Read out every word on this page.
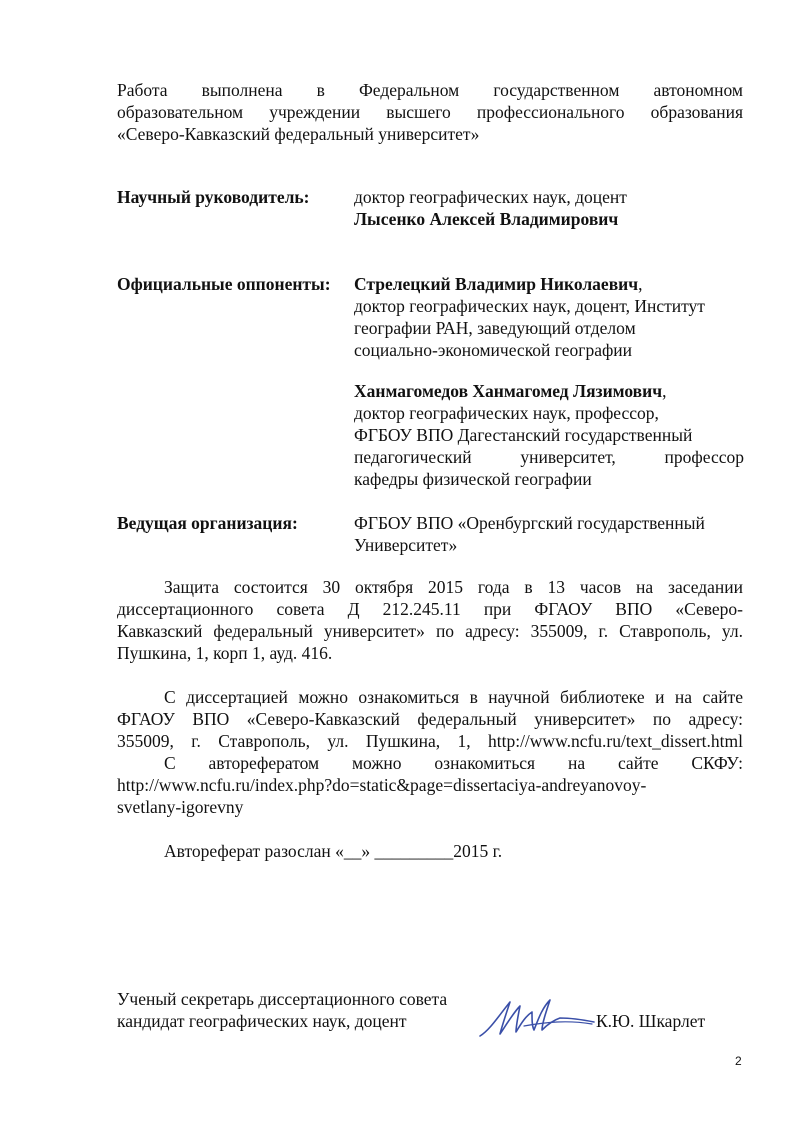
Работа выполнена в Федеральном государственном автономном

образовательном учреждении высшего профессионального образования

«Северо-Кавказский федеральный университет»

Научный руководитель:	доктор географических наук, доцент
Лысенко Алексей Владимирович
Официальные оппоненты: Стрелецкий Владимир Николаевич,
доктор географических наук, доцент, Институт
географии РАН, заведующий отделом
социально-экономической географии
Ханмагомедов Ханмагомед Лязимович,
доктор географических наук, профессор,
ФГБОУ ВПО Дагестанский государственный
педагогический университет, профессор
кафедры физической географии
Ведущая организация:	ФГБОУ ВПО «Оренбургский государственный
Университет»

Защита состоится 30 октября 2015 года в 13 часов на заседании

диссертационного совета Д 212.245.11 при ФГАОУ ВПО «Северо-

Кавказский федеральный университет» по адресу: 355009, г. Ставрополь, ул.

Пушкина, 1, корп 1, ауд. 416.

С диссертацией можно ознакомиться в научной библиотеке и на сайте

ФГАОУ ВПО «Северо-Кавказский федеральный университет» по адресу:

355009, г. Ставрополь, ул. Пушкина, 1, http://www.ncfu.ru/text_dissert.html

С авторефератом можно ознакомиться на сайте СКФУ:

http://www.ncfu.ru/index.php?do=static&page=dissertaciya-andreyanovoy-

svetlany-igorevny

Автореферат разослан «__» _________2015 г.

Ученый секретарь диссертационного совета
кандидат географических наук, доцент	К.Ю. Шкарлет
2
